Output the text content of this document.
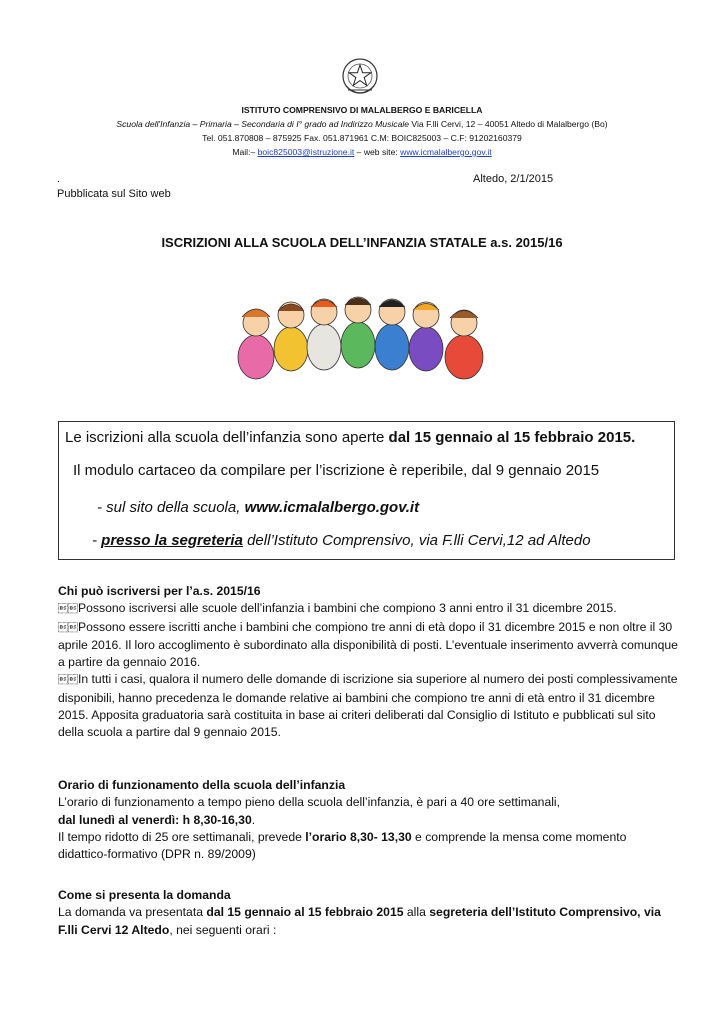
ISTITUTO COMPRENSIVO DI MALALBERGO E BARICELLA
Scuola dell'Infanzia – Primaria – Secondaria di I° grado ad Indirizzo Musicale Via F.lli Cervi, 12 – 40051 Altedo di Malalbergo (Bo)
Tel. 051.870808 – 875925 Fax. 051.871961 C.M: BOIC825003 – C.F: 91202160379
Mail:– boic825003@istruzione.it – web site: www.icmalalbergo.gov.it
.
Pubblicata sul Sito web
Altedo, 2/1/2015
ISCRIZIONI ALLA SCUOLA DELL’INFANZIA STATALE a.s. 2015/16
Le iscrizioni alla scuola dell’infanzia sono aperte dal 15 gennaio al 15 febbraio 2015.
Il modulo cartaceo da compilare per l’iscrizione è reperibile, dal 9 gennaio 2015
- sul sito della scuola, www.icmalalbergo.gov.it
- presso la segreteria dell’Istituto Comprensivo, via F.lli Cervi,12 ad Altedo

Chi può iscriversi per l’a.s. 2015/16

Possono iscriversi alle scuole dell’infanzia i bambini che compiono 3 anni entro il 31 dicembre 2015.

Possono essere iscritti anche i bambini che compiono tre anni di età dopo il 31 dicembre 2015 e non oltre il 30 aprile 2016. Il loro accoglimento è subordinato alla disponibilità di posti. L’eventuale inserimento avverrà comunque a partire da gennaio 2016.

In tutti i casi, qualora il numero delle domande di iscrizione sia superiore al numero dei posti complessivamente disponibili, hanno precedenza le domande relative ai bambini che compiono tre anni di età entro il 31 dicembre 2015. Apposita graduatoria sarà costituita in base ai criteri deliberati dal Consiglio di Istituto e pubblicati sul sito della scuola a partire dal 9 gennaio 2015.

Orario di funzionamento della scuola dell’infanzia

L’orario di funzionamento a tempo pieno della scuola dell’infanzia, è pari a 40 ore settimanali,

dal lunedì al venerdì: h 8,30-16,30.

Il tempo ridotto di 25 ore settimanali, prevede l’orario 8,30- 13,30 e comprende la mensa come momento didattico-formativo (DPR n. 89/2009)

Come si presenta la domanda

La domanda va presentata dal 15 gennaio al 15 febbraio 2015 alla segreteria dell’Istituto Comprensivo, via F.lli Cervi 12 Altedo, nei seguenti orari :
